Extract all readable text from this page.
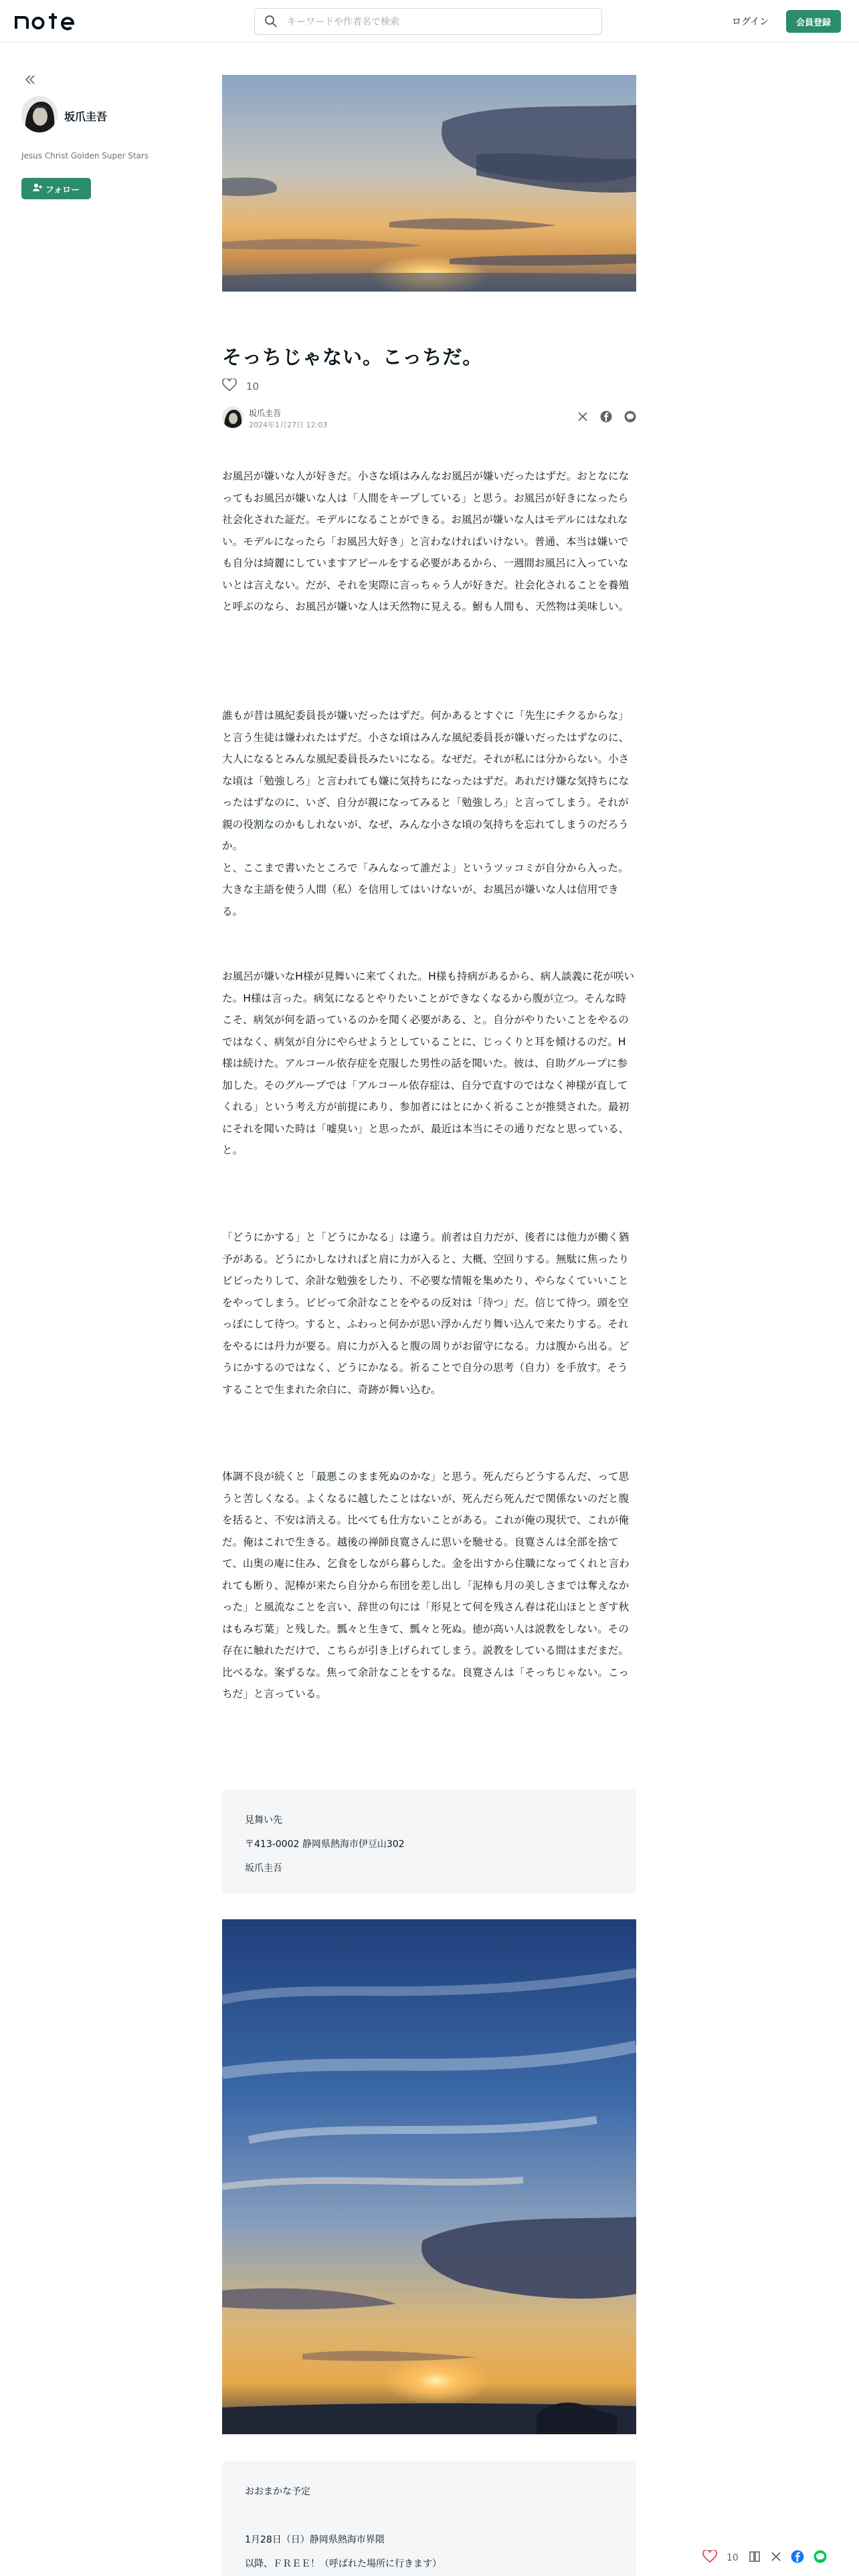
キーワードや作者名で検索	ログイン	会員登録
坂爪圭吾
Jesus Christ Golden Super Stars
フォロー
そっちじゃない。こっちだ。
10
坂爪圭吾
2024年1月27日 12:03

お風呂が嫌いな人が好きだ。小さな頃はみんなお風呂が嫌いだったはずだ。おとなになってもお風呂が嫌いな人は「人間をキープしている」と思う。お風呂が好きになったら社会化された証だ。モデルになることができる。お風呂が嫌いな人はモデルにはなれない。モデルになったら「お風呂大好き」と言わなければいけない。普通、本当は嫌いでも自分は綺麗にしていますアピールをする必要があるから、一週間お風呂に入っていないとは言えない。だが、それを実際に言っちゃう人が好きだ。社会化されることを養殖と呼ぶのなら、お風呂が嫌いな人は天然物に見える。鮒も人間も、天然物は美味しい。

誰もが昔は風紀委員長が嫌いだったはずだ。何かあるとすぐに「先生にチクるからな」と言う生徒は嫌われたはずだ。小さな頃はみんな風紀委員長が嫌いだったはずなのに、大人になるとみんな風紀委員長みたいになる。なぜだ。それが私には分からない。小さな頃は「勉強しろ」と言われても嫌に気持ちになったはずだ。あれだけ嫌な気持ちになったはずなのに、いざ、自分が親になってみると「勉強しろ」と言ってしまう。それが親の役割なのかもしれないが、なぜ、みんな小さな頃の気持ちを忘れてしまうのだろうか。

と、ここまで書いたところで「みんなって誰だよ」というツッコミが自分から入った。大きな主語を使う人間（私）を信用してはいけないが、お風呂が嫌いな人は信用できる。

お風呂が嫌いなH様が見舞いに来てくれた。H様も持病があるから、病人談義に花が咲いた。H様は言った。病気になるとやりたいことができなくなるから腹が立つ。そんな時こそ、病気が何を語っているのかを聞く必要がある、と。自分がやりたいことをやるのではなく、病気が自分にやらせようとしていることに、じっくりと耳を傾けるのだ。H様は続けた。アルコール依存症を克服した男性の話を聞いた。彼は、自助グループに参加した。そのグループでは「アルコール依存症は、自分で直すのではなく神様が直してくれる」という考え方が前提にあり、参加者にはとにかく祈ることが推奨された。最初にそれを聞いた時は「嘘臭い」と思ったが、最近は本当にその通りだなと思っている、と。

「どうにかする」と「どうにかなる」は違う。前者は自力だが、後者には他力が働く猶予がある。どうにかしなければと肩に力が入ると、大概、空回りする。無駄に焦ったりビビったりして、余計な勉強をしたり、不必要な情報を集めたり、やらなくていいことをやってしまう。ビビって余計なことをやるの反対は「待つ」だ。信じて待つ。頭を空っぽにして待つ。すると、ふわっと何かが思い浮かんだり舞い込んで来たりする。それをやるには丹力が要る。肩に力が入ると腹の周りがお留守になる。力は腹から出る。どうにかするのではなく、どうにかなる。祈ることで自分の思考（自力）を手放す。そうすることで生まれた余白に、奇跡が舞い込む。

体調不良が続くと「最悪このまま死ぬのかな」と思う。死んだらどうするんだ、って思うと苦しくなる。よくなるに越したことはないが、死んだら死んだで関係ないのだと腹を括ると、不安は消える。比べても仕方ないことがある。これが俺の現状で、これが俺だ。俺はこれで生きる。越後の禅師良寛さんに思いを馳せる。良寛さんは全部を捨てて、山奥の庵に住み、乞食をしながら暮らした。金を出すから住職になってくれと言われても断り、泥棒が来たら自分から布団を差し出し「泥棒も月の美しさまでは奪えなかった」と風流なことを言い、辞世の句には「形見とて何を残さん春は花山ほととぎす秋はもみぢ葉」と残した。瓢々と生きて、瓢々と死ぬ。徳が高い人は説教をしない。その存在に触れただけで、こちらが引き上げられてしまう。説教をしている間はまだまだ。比べるな。案ずるな。焦って余計なことをするな。良寛さんは「そっちじゃない。こっちだ」と言っている。

見舞い先
〒413-0002 静岡県熱海市伊豆山302
坂爪圭吾
おおまかな予定
1月28日（日）静岡県熱海市界隈
以降、ＦＲＥＥ！（呼ばれた場所に行きます）
10
